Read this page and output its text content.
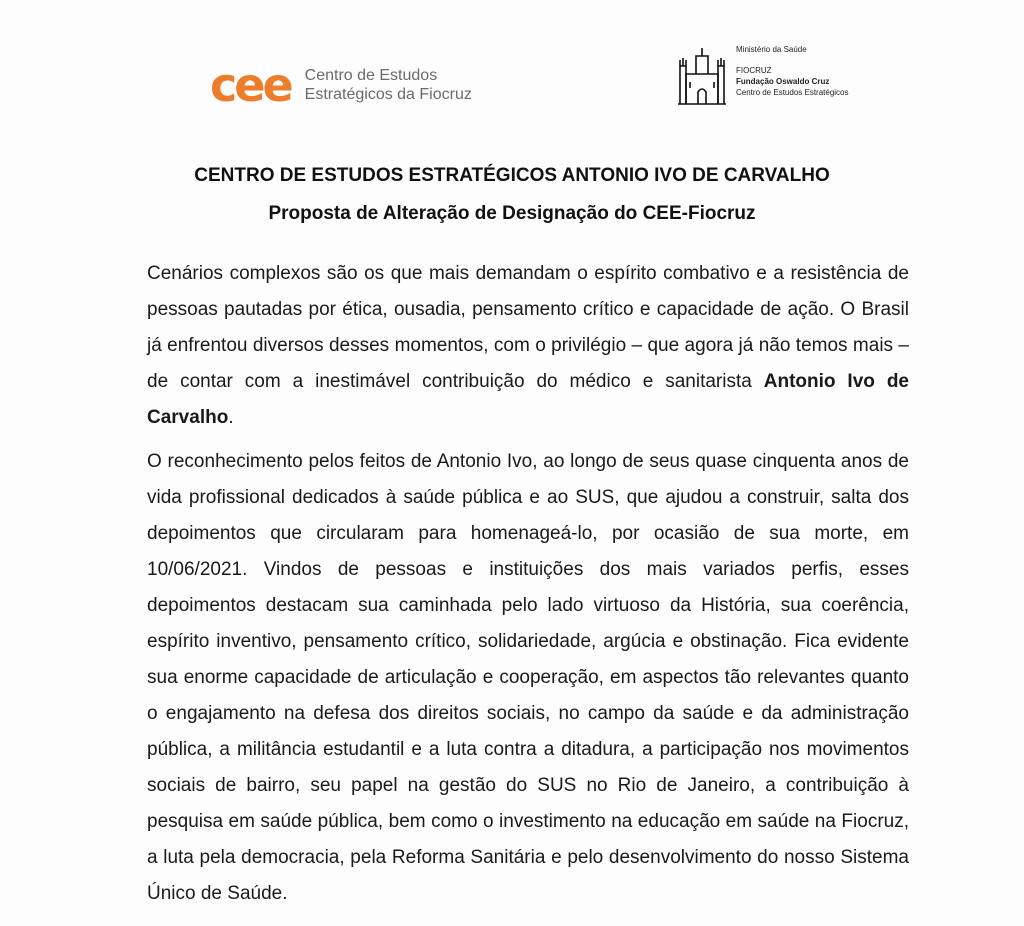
cee Centro de Estudos
Estratégicos da Fiocruz
Ministério da Saúde
FIOCRUZ
Fundação Oswaldo Cruz
Centro de Estudos Estratégicos
CENTRO DE ESTUDOS ESTRATÉGICOS ANTONIO IVO DE CARVALHO
Proposta de Alteração de Designação do CEE-Fiocruz

Cenários complexos são os que mais demandam o espírito combativo e a resistência de pessoas pautadas por ética, ousadia, pensamento crítico e capacidade de ação. O Brasil já enfrentou diversos desses momentos, com o privilégio – que agora já não temos mais – de contar com a inestimável contribuição do médico e sanitarista Antonio Ivo de Carvalho.

O reconhecimento pelos feitos de Antonio Ivo, ao longo de seus quase cinquenta anos de vida profissional dedicados à saúde pública e ao SUS, que ajudou a construir, salta dos depoimentos que circularam para homenageá-lo, por ocasião de sua morte, em 10/06/2021. Vindos de pessoas e instituições dos mais variados perfis, esses depoimentos destacam sua caminhada pelo lado virtuoso da História, sua coerência, espírito inventivo, pensamento crítico, solidariedade, argúcia e obstinação. Fica evidente sua enorme capacidade de articulação e cooperação, em aspectos tão relevantes quanto o engajamento na defesa dos direitos sociais, no campo da saúde e da administração pública, a militância estudantil e a luta contra a ditadura, a participação nos movimentos sociais de bairro, seu papel na gestão do SUS no Rio de Janeiro, a contribuição à pesquisa em saúde pública, bem como o investimento na educação em saúde na Fiocruz, a luta pela democracia, pela Reforma Sanitária e pelo desenvolvimento do nosso Sistema Único de Saúde.
